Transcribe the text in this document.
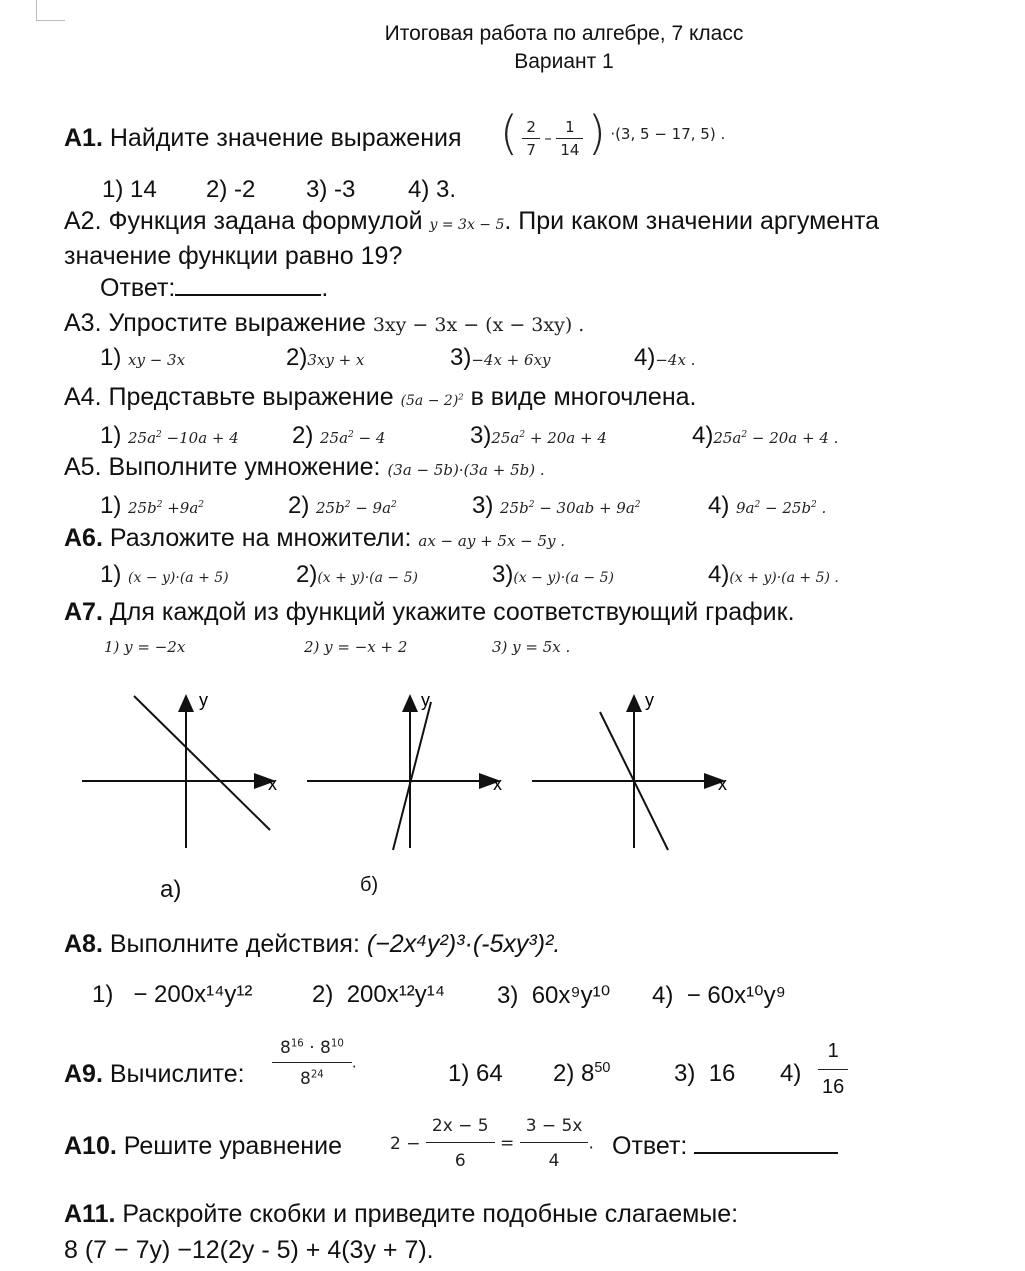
Итоговая работа по алгебре, 7 класс
Вариант 1
А1. Найдите значение выражения ( $\frac{2}{7} - \frac{1}{14}$ ) ·(3, 5 − 17, 5) .
1) 14 2) -2 3) -3 4) 3.
А2. Функция задана формулой y = 3x − 5. При каком значении аргумента
значение функции равно 19?
Ответ:	.
А3. Упростите выражение 3xy − 3x − (x − 3xy) .
1) xy − 3x	2)3xy + x	3)−4x + 6xy	4)−4x .
А4. Представьте выражение $(5a - 2)^2$ в виде многочлена.
1) $25a^2 -10a + 4$ 2) $25a^2 - 4$	$3)25a^2 + 20a + 4$	$4)25a^2 - 20a + 4$ .
А5. Выполните умножение: (3a − 5b)·(3a + 5b) .
1) $25b^2 +9a^2$	2) $25b^2 - 9a^2$	3) $25b^2 - 30ab + 9a^2$	4) $9a^2 - 25b^2$ .
А6. Разложите на множители: ax − ay + 5x − 5y .
1) (x − y)·(a + 5)	2)(x + y)·(a − 5)	3)(x − y)·(a − 5)	4)(x + y)·(a + 5) .
А7. Для каждой из функций укажите соответствующий график.
1) y = −2x	2) y = −x + 2	3) y = 5x .
y
x
y
x
y
x
а)	б)
А8. Выполните действия: (−2x⁴y²)³·(-5xy³)².
1) − 200x¹⁴y¹² 2) 200x¹²y¹⁴ 3) 60x⁹y¹⁰ 4) − 60x¹⁰y⁹
А9. Вычислите: $\frac{8^{16} \cdot 8^{10}}{8^{24}}$ .	1) 64 2) $8^{50}$	3) 16 $4) \frac{1}{16}$
А10. Решите уравнение	$2 - \frac{2x - 5}{6} = \frac{3 - 5x}{4}$ . Ответ:
А11. Раскройте скобки и приведите подобные слагаемые:
8 (7 − 7y) −12(2y - 5) + 4(3y + 7).
